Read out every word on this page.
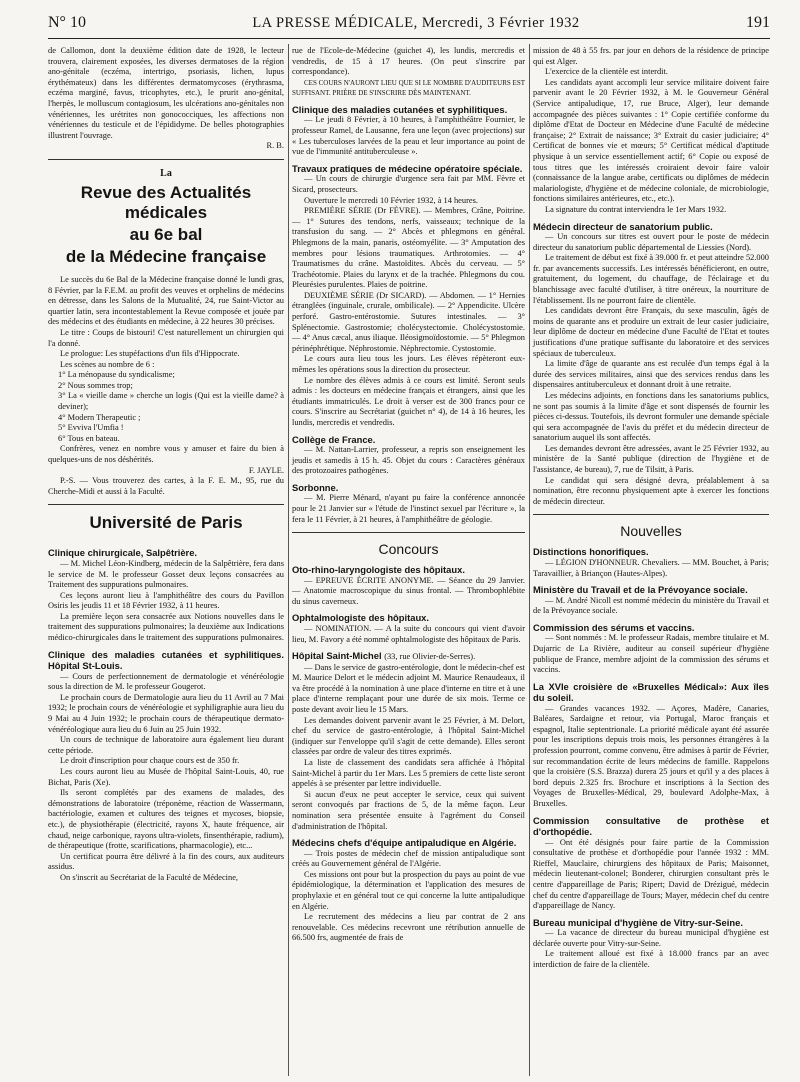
N° 10	LA PRESSE MÉDICALE, Mercredi, 3 Février 1932	191

de Callomon, dont la deuxième édition date de 1928, le lecteur trouvera, clairement exposées, les diverses dermatoses de la région ano-génitale (eczéma, intertrigo, psoriasis, lichen, lupus érythémateux) dans les différentes dermatomycoses (érythrasma, eczéma marginé, favus, tricophytes, etc.), le prurit ano-génital, l'herpès, le molluscum contagiosum, les ulcérations ano-génitales non vénériennes, les urétrites non gonococciques, les affections non vénériennes du testicule et de l'épididyme. De belles photographies illustrent l'ouvrage.

R. B.

La
Revue des Actualités médicales
au 6e bal
de la Médecine française

Le succès du 6e Bal de la Médecine française donné le lundi gras, 8 Février, par la F.E.M. au profit des veuves et orphelins de médecins en détresse, dans les Salons de la Mutualité, 24, rue Saint-Victor au quartier latin, sera incontestablement la Revue composée et jouée par des médecins et des étudiants en médecine, à 22 heures 30 précises.

Le titre : Coups de bistouri! C'est naturellement un chirurgien qui l'a donné.

Le prologue: Les stupéfactions d'un fils d'Hippocrate.

Les scènes au nombre de 6 :

1° La ménopause du syndicalisme;

2° Nous sommes trop;

3° La « vieille dame » cherche un logis (Qui est la vieille dame? à deviner);

4° Modern Therapeutic ;

5° Evviva l'Umfia !

6° Tous en bateau.

Confrères, venez en nombre vous y amuser et faire du bien à quelques-uns de nos déshérités.

F. JAYLE.

P.-S. — Vous trouverez des cartes, à la F. E. M., 95, rue du Cherche-Midi et aussi à la Faculté.

Université de Paris
Clinique chirurgicale, Salpêtrière.

— M. Michel Léon-Kindberg, médecin de la Salpêtrière, fera dans le service de M. le professeur Gosset deux leçons consacrées au Traitement des suppurations pulmonaires.

Ces leçons auront lieu à l'amphithéâtre des cours du Pavillon Osiris les jeudis 11 et 18 Février 1932, à 11 heures.

La première leçon sera consacrée aux Notions nouvelles dans le traitement des suppurations pulmonaires; la deuxième aux Indications médico-chirurgicales dans le traitement des suppurations pulmonaires.

Clinique des maladies cutanées et syphilitiques. Hôpital St-Louis.

— Cours de perfectionnement de dermatologie et vénéréologie sous la direction de M. le professeur Gougerot.

Le prochain cours de Dermatologie aura lieu du 11 Avril au 7 Mai 1932; le prochain cours de vénéréologie et syphiligraphie aura lieu du 9 Mai au 4 Juin 1932; le prochain cours de thérapeutique dermato-vénéréologique aura lieu du 6 Juin au 25 Juin 1932.

Un cours de technique de laboratoire aura également lieu durant cette période.

Le droit d'inscription pour chaque cours est de 350 fr.

Les cours auront lieu au Musée de l'hôpital Saint-Louis, 40, rue Bichat, Paris (Xe).

Ils seront complétés par des examens de malades, des démonstrations de laboratoire (tréponème, réaction de Wassermann, bactériologie, examen et cultures des teignes et mycoses, biopsie, etc.), de physiothérapie (électricité, rayons X, haute fréquence, air chaud, neige carbonique, rayons ultra-violets, finsenthérapie, radium), de thérapeutique (frotte, scarifications, pharmacologie), etc...

Un certificat pourra être délivré à la fin des cours, aux auditeurs assidus.

On s'inscrit au Secrétariat de la Faculté de Médecine,

rue de l'Ecole-de-Médecine (guichet 4), les lundis, mercredis et vendredis, de 15 à 17 heures. (On peut s'inscrire par correspondance).

CES COURS N'AURONT LIEU QUE SI LE NOMBRE D'AUDITEURS EST SUFFISANT. PRIÈRE DE S'INSCRIRE DÈS MAINTENANT.

Clinique des maladies cutanées et syphilitiques.

— Le jeudi 8 Février, à 10 heures, à l'amphithéâtre Fournier, le professeur Ramel, de Lausanne, fera une leçon (avec projections) sur « Les tuberculoses larvées de la peau et leur importance au point de vue de l'immunité antituberculeuse ».

Travaux pratiques de médecine opératoire spéciale.

— Un cours de chirurgie d'urgence sera fait par MM. Fèvre et Sicard, prosecteurs.

Ouverture le mercredi 10 Février 1932, à 14 heures.

PREMIÈRE SÉRIE (Dr FÈVRE). — Membres, Crâne, Poitrine. — 1° Sutures des tendons, nerfs, vaisseaux; technique de la transfusion du sang. — 2° Abcès et phlegmons en général. Phlegmons de la main, panaris, ostéomyélite. — 3° Amputation des membres pour lésions traumatiques. Arthrotomies. — 4° Traumatismes du crâne. Mastoïdites. Abcès du cerveau. — 5° Trachéotomie. Plaies du larynx et de la trachée. Phlegmons du cou. Pleurésies purulentes. Plaies de poitrine.

DEUXIÈME SÉRIE (Dr SICARD). — Abdomen. — 1° Hernies étranglées (inguinale, crurale, ombilicale). — 2° Appendicite. Ulcère perforé. Gastro-entérostomie. Sutures intestinales. — 3° Splénectomie. Gastrostomie; cholécystectomie. Cholécystostomie. — 4° Anus cæcal, anus iliaque. Iléosigmoïdostomie. — 5° Phlegmon périnéphrétique. Néphrostomie. Néphrectomie. Cystostomie.

Le cours aura lieu tous les jours. Les élèves répèteront eux-mêmes les opérations sous la direction du prosecteur.

Le nombre des élèves admis à ce cours est limité. Seront seuls admis : les docteurs en médecine français et étrangers, ainsi que les étudiants immatriculés. Le droit à verser est de 300 francs pour ce cours. S'inscrire au Secrétariat (guichet n° 4), de 14 à 16 heures, les lundis, mercredis et vendredis.

Collège de France.

— M. Nattan-Larrier, professeur, a repris son enseignement les jeudis et samedis à 15 h. 45. Objet du cours : Caractères généraux des protozoaires pathogènes.

Sorbonne.

— M. Pierre Ménard, n'ayant pu faire la conférence annoncée pour le 21 Janvier sur « l'étude de l'instinct sexuel par l'écriture », la fera le 11 Février, à 21 heures, à l'amphithéâtre de géologie.

Concours
Oto-rhino-laryngologiste des hôpitaux.

— EPREUVE ÉCRITE ANONYME. — Séance du 29 Janvier. — Anatomie macroscopique du sinus frontal. — Thrombophlébite du sinus caverneux.

Ophtalmologiste des hôpitaux.

— NOMINATION. — A la suite du concours qui vient d'avoir lieu, M. Favory a été nommé ophtalmologiste des hôpitaux de Paris.

Hôpital Saint-Michel (33, rue Olivier-de-Serres).

— Dans le service de gastro-entérologie, dont le médecin-chef est M. Maurice Delort et le médecin adjoint M. Maurice Renaudeaux, il va être procédé à la nomination à une place d'interne en titre et à une place d'interne remplaçant pour une durée de six mois. Terme ce poste devant avoir lieu le 15 Mars.

Les demandes doivent parvenir avant le 25 Février, à M. Delort, chef du service de gastro-entérologie, à l'hôpital Saint-Michel (indiquer sur l'enveloppe qu'il s'agit de cette demande). Elles seront classées par ordre de valeur des titres exprimés.

La liste de classement des candidats sera affichée à l'hôpital Saint-Michel à partir du 1er Mars. Les 5 premiers de cette liste seront appelés à se présenter par lettre individuelle.

Si aucun d'eux ne peut accepter le service, ceux qui suivent seront convoqués par fractions de 5, de la même façon. Leur nomination sera présentée ensuite à l'agrément du Conseil d'administration de l'hôpital.

Médecins chefs d'équipe antipaludique en Algérie.

— Trois postes de médecin chef de mission antipaludique sont créés au Gouvernement général de l'Algérie.

Ces missions ont pour but la prospection du pays au point de vue épidémiologique, la détermination et l'application des mesures de prophylaxie et en général tout ce qui concerne la lutte antipaludique en Algérie.

Le recrutement des médecins a lieu par contrat de 2 ans renouvelable. Ces médecins recevront une rétribution annuelle de 66.500 frs, augmentée de frais de

mission de 48 à 55 frs. par jour en dehors de la résidence de principe qui est Alger.

L'exercice de la clientèle est interdit.

Les candidats ayant accompli leur service militaire doivent faire parvenir avant le 20 Février 1932, à M. le Gouverneur Général (Service antipaludique, 17, rue Bruce, Alger), leur demande accompagnée des pièces suivantes : 1° Copie certifiée conforme du diplôme d'Etat de Docteur en Médecine d'une Faculté de médecine française; 2° Extrait de naissance; 3° Extrait du casier judiciaire; 4° Certificat de bonnes vie et mœurs; 5° Certificat médical d'aptitude physique à un service essentiellement actif; 6° Copie ou exposé de tous titres que les intéressés croiraient devoir faire valoir (connaissance de la langue arabe, certificats ou diplômes de médecin malariologiste, d'hygiène et de médecine coloniale, de microbiologie, fonctions similaires antérieures, etc., etc.).

La signature du contrat interviendra le 1er Mars 1932.

Médecin directeur de sanatorium public.

— Un concours sur titres est ouvert pour le poste de médecin directeur du sanatorium public départemental de Liessies (Nord).

Le traitement de début est fixé à 39.000 fr. et peut atteindre 52.000 fr. par avancements successifs. Les intéressés bénéficieront, en outre, gratuitement, du logement, du chauffage, de l'éclairage et du blanchissage avec faculté d'utiliser, à titre onéreux, la nourriture de l'établissement. Ils ne pourront faire de clientèle.

Les candidats devront être Français, du sexe masculin, âgés de moins de quarante ans et produire un extrait de leur casier judiciaire, leur diplôme de docteur en médecine d'une Faculté de l'Etat et toutes justifications d'une pratique suffisante du laboratoire et des services spéciaux de tuberculeux.

La limite d'âge de quarante ans est reculée d'un temps égal à la durée des services militaires, ainsi que des services rendus dans les dispensaires antituberculeux et donnant droit à une retraite.

Les médecins adjoints, en fonctions dans les sanatoriums publics, ne sont pas soumis à la limite d'âge et sont dispensés de fournir les pièces ci-dessus. Toutefois, ils devront formuler une demande spéciale qui sera accompagnée de l'avis du préfet et du médecin directeur de sanatorium auquel ils sont affectés.

Les demandes devront être adressées, avant le 25 Février 1932, au ministère de la Santé publique (direction de l'hygiène et de l'assistance, 4e bureau), 7, rue de Tilsitt, à Paris.

Le candidat qui sera désigné devra, préalablement à sa nomination, être reconnu physiquement apte à exercer les fonctions de médecin directeur.

Nouvelles
Distinctions honorifiques.

— LÉGION D'HONNEUR. Chevaliers. — MM. Bouchet, à Paris; Taravaillier, à Briançon (Hautes-Alpes).

Ministère du Travail et de la Prévoyance sociale.

— M. André Nicoll est nommé médecin du ministère du Travail et de la Prévoyance sociale.

Commission des sérums et vaccins.

— Sont nommés : M. le professeur Radais, membre titulaire et M. Dujarric de La Rivière, auditeur au conseil supérieur d'hygiène publique de France, membre adjoint de la commission des sérums et vaccins.

La XVIe croisière de «Bruxelles Médical»: Aux îles du soleil.

— Grandes vacances 1932. — Açores, Madère, Canaries, Baléares, Sardaigne et retour, via Portugal, Maroc français et espagnol, Italie septentrionale. La priorité médicale ayant été assurée pour les inscriptions depuis trois mois, les personnes étrangères à la profession pourront, comme convenu, être admises à partir de Février, sur recommandation écrite de leurs médecins de famille. Rappelons que la croisière (S.S. Brazza) durera 25 jours et qu'il y a des places à bord depuis 2.325 frs. Brochure et inscriptions à la Section des Voyages de Bruxelles-Médical, 29, boulevard Adolphe-Max, à Bruxelles.

Commission consultative de prothèse et d'orthopédie.

— Ont été désignés pour faire partie de la Commission consultative de prothèse et d'orthopédie pour l'année 1932 : MM. Rieffel, Mauclaire, chirurgiens des hôpitaux de Paris; Maisonnet, médecin lieutenant-colonel; Bonderer, chirurgien consultant près le centre d'appareillage de Paris; Ripert; David de Drézigué, médecin chef du centre d'appareillage de Tours; Mayer, médecin chef du centre d'appareillage de Nancy.

Bureau municipal d'hygiène de Vitry-sur-Seine.

— La vacance de directeur du bureau municipal d'hygiène est déclarée ouverte pour Vitry-sur-Seine.

Le traitement alloué est fixé à 18.000 francs par an avec interdiction de faire de la clientèle.
